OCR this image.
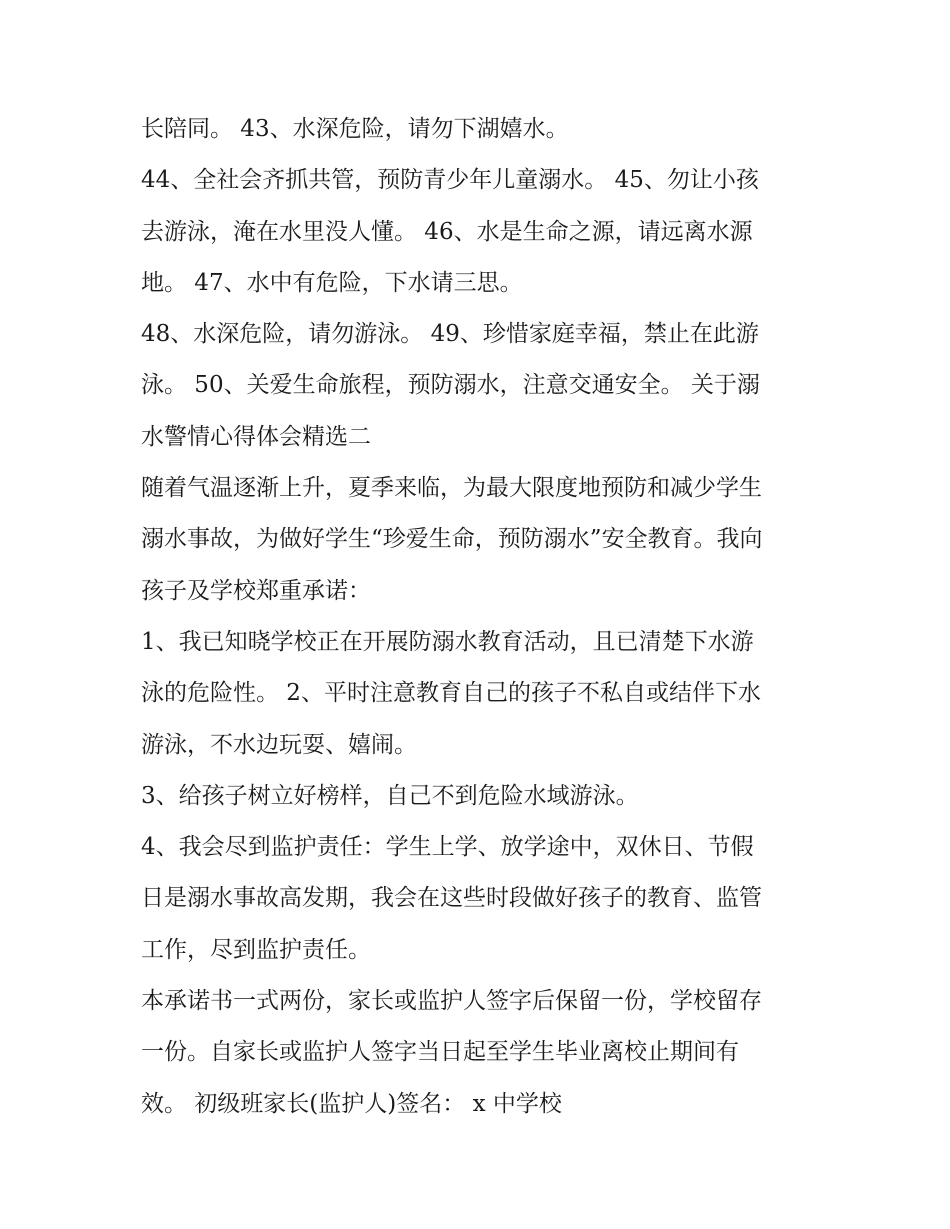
长陪同。 43、水深危险，请勿下湖嬉水。
44、全社会齐抓共管，预防青少年儿童溺水。 45、勿让小孩
去游泳，淹在水里没人懂。 46、水是生命之源，请远离水源
地。 47、水中有危险，下水请三思。
48、水深危险，请勿游泳。 49、珍惜家庭幸福，禁止在此游
泳。 50、关爱生命旅程，预防溺水，注意交通安全。 关于溺
水警情心得体会精选二
随着气温逐渐上升，夏季来临，为最大限度地预防和减少学生
溺水事故，为做好学生“珍爱生命，预防溺水”安全教育。我向
孩子及学校郑重承诺：
1、我已知晓学校正在开展防溺水教育活动，且已清楚下水游
泳的危险性。 2、平时注意教育自己的孩子不私自或结伴下水
游泳，不水边玩耍、嬉闹。
3、给孩子树立好榜样，自己不到危险水域游泳。
4、我会尽到监护责任：学生上学、放学途中，双休日、节假
日是溺水事故高发期，我会在这些时段做好孩子的教育、监管
工作，尽到监护责任。
本承诺书一式两份，家长或监护人签字后保留一份，学校留存
一份。自家长或监护人签字当日起至学生毕业离校止期间有
效。 初级班家长(监护人)签名： x 中学校
